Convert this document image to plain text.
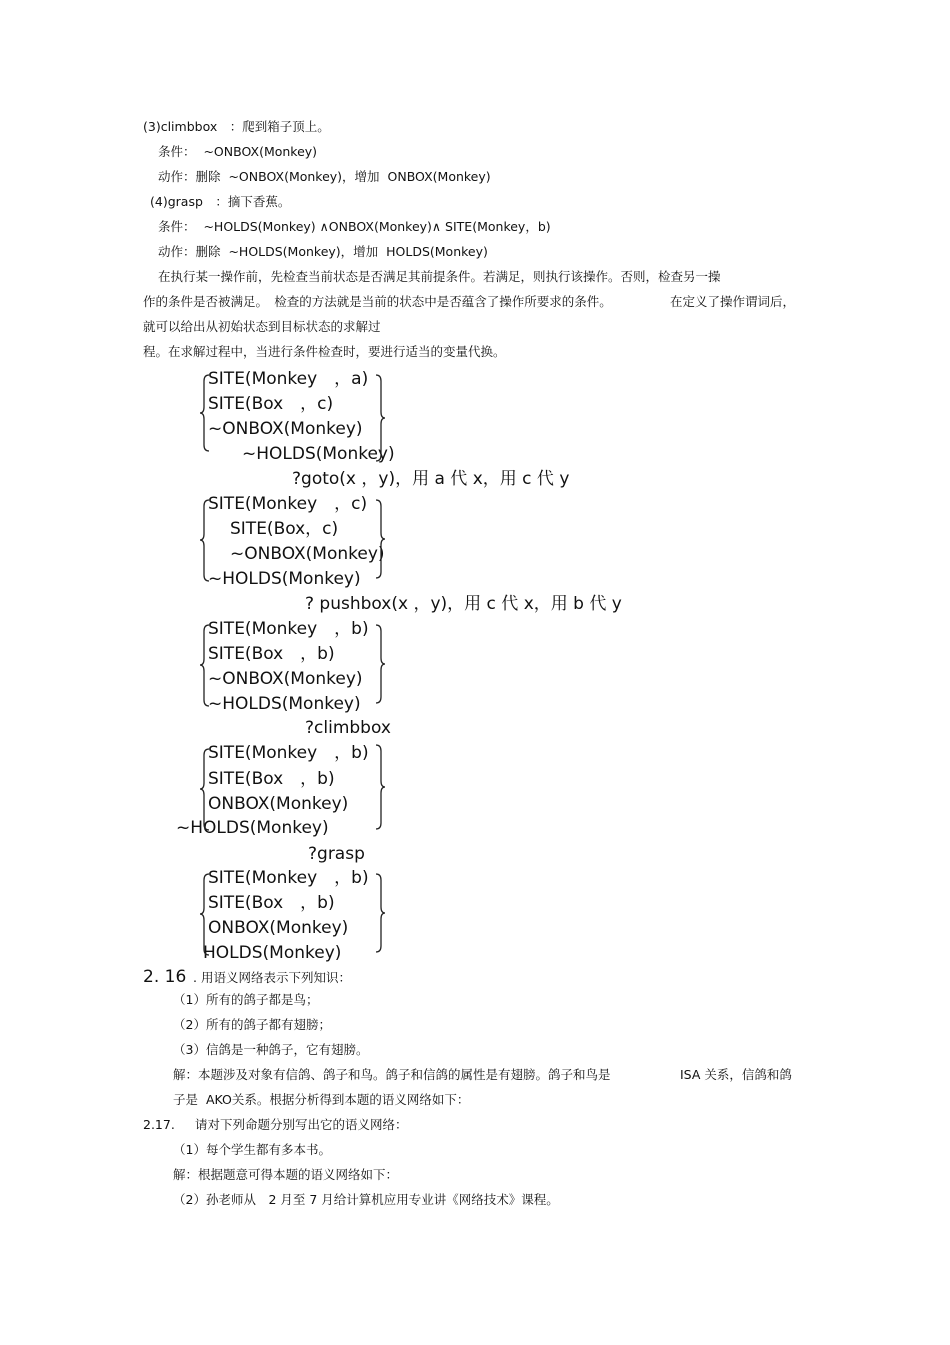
(3)climbbox　：爬到箱子顶上。
条件：  ~ONBOX(Monkey)
动作：删除  ~ONBOX(Monkey)，增加  ONBOX(Monkey)
(4)grasp　：摘下香蕉。
条件：  ~HOLDS(Monkey) ∧ONBOX(Monkey)∧ SITE(Monkey，b)
动作：删除  ~HOLDS(Monkey)，增加  HOLDS(Monkey)
在执行某一操作前，先检查当前状态是否满足其前提条件。若满足，则执行该操作。否则，检查另一操
作的条件是否被满足。　检查的方法就是当前的状态中是否蕴含了操作所要求的条件。	在定义了操作谓词后，
就可以给出从初始状态到目标状态的求解过
程。在求解过程中，当进行条件检查时，要进行适当的变量代换。
SITE(Monkey　，a)
SITE(Box　，c)
~ONBOX(Monkey)
~HOLDS(Monkey)
?goto(x ，y)，用 a 代 x，用 c 代 y
SITE(Monkey　，c)
SITE(Box，c)
~ONBOX(Monkey)
~HOLDS(Monkey)
? pushbox(x ，y)，用 c 代 x，用 b 代 y
SITE(Monkey　，b)
SITE(Box　，b)
~ONBOX(Monkey)
~HOLDS(Monkey)
?climbbox
SITE(Monkey　，b)
SITE(Box　，b)
ONBOX(Monkey)
~HOLDS(Monkey)
?grasp
SITE(Monkey　，b)
SITE(Box　，b)
ONBOX(Monkey)
HOLDS(Monkey)
2. 16 . 用语义网络表示下列知识：
（1）所有的鸽子都是鸟；
（2）所有的鸽子都有翅膀；
（3）信鸽是一种鸽子，它有翅膀。
解：本题涉及对象有信鸽、鸽子和鸟。鸽子和信鸽的属性是有翅膀。鸽子和鸟是	ISA 关系，信鸽和鸽
子是  AKO关系。根据分析得到本题的语义网络如下：
2.17. 请对下列命题分别写出它的语义网络：
（1）每个学生都有多本书。
解：根据题意可得本题的语义网络如下：
（2）孙老师从　2 月至 7 月给计算机应用专业讲《网络技术》课程。
